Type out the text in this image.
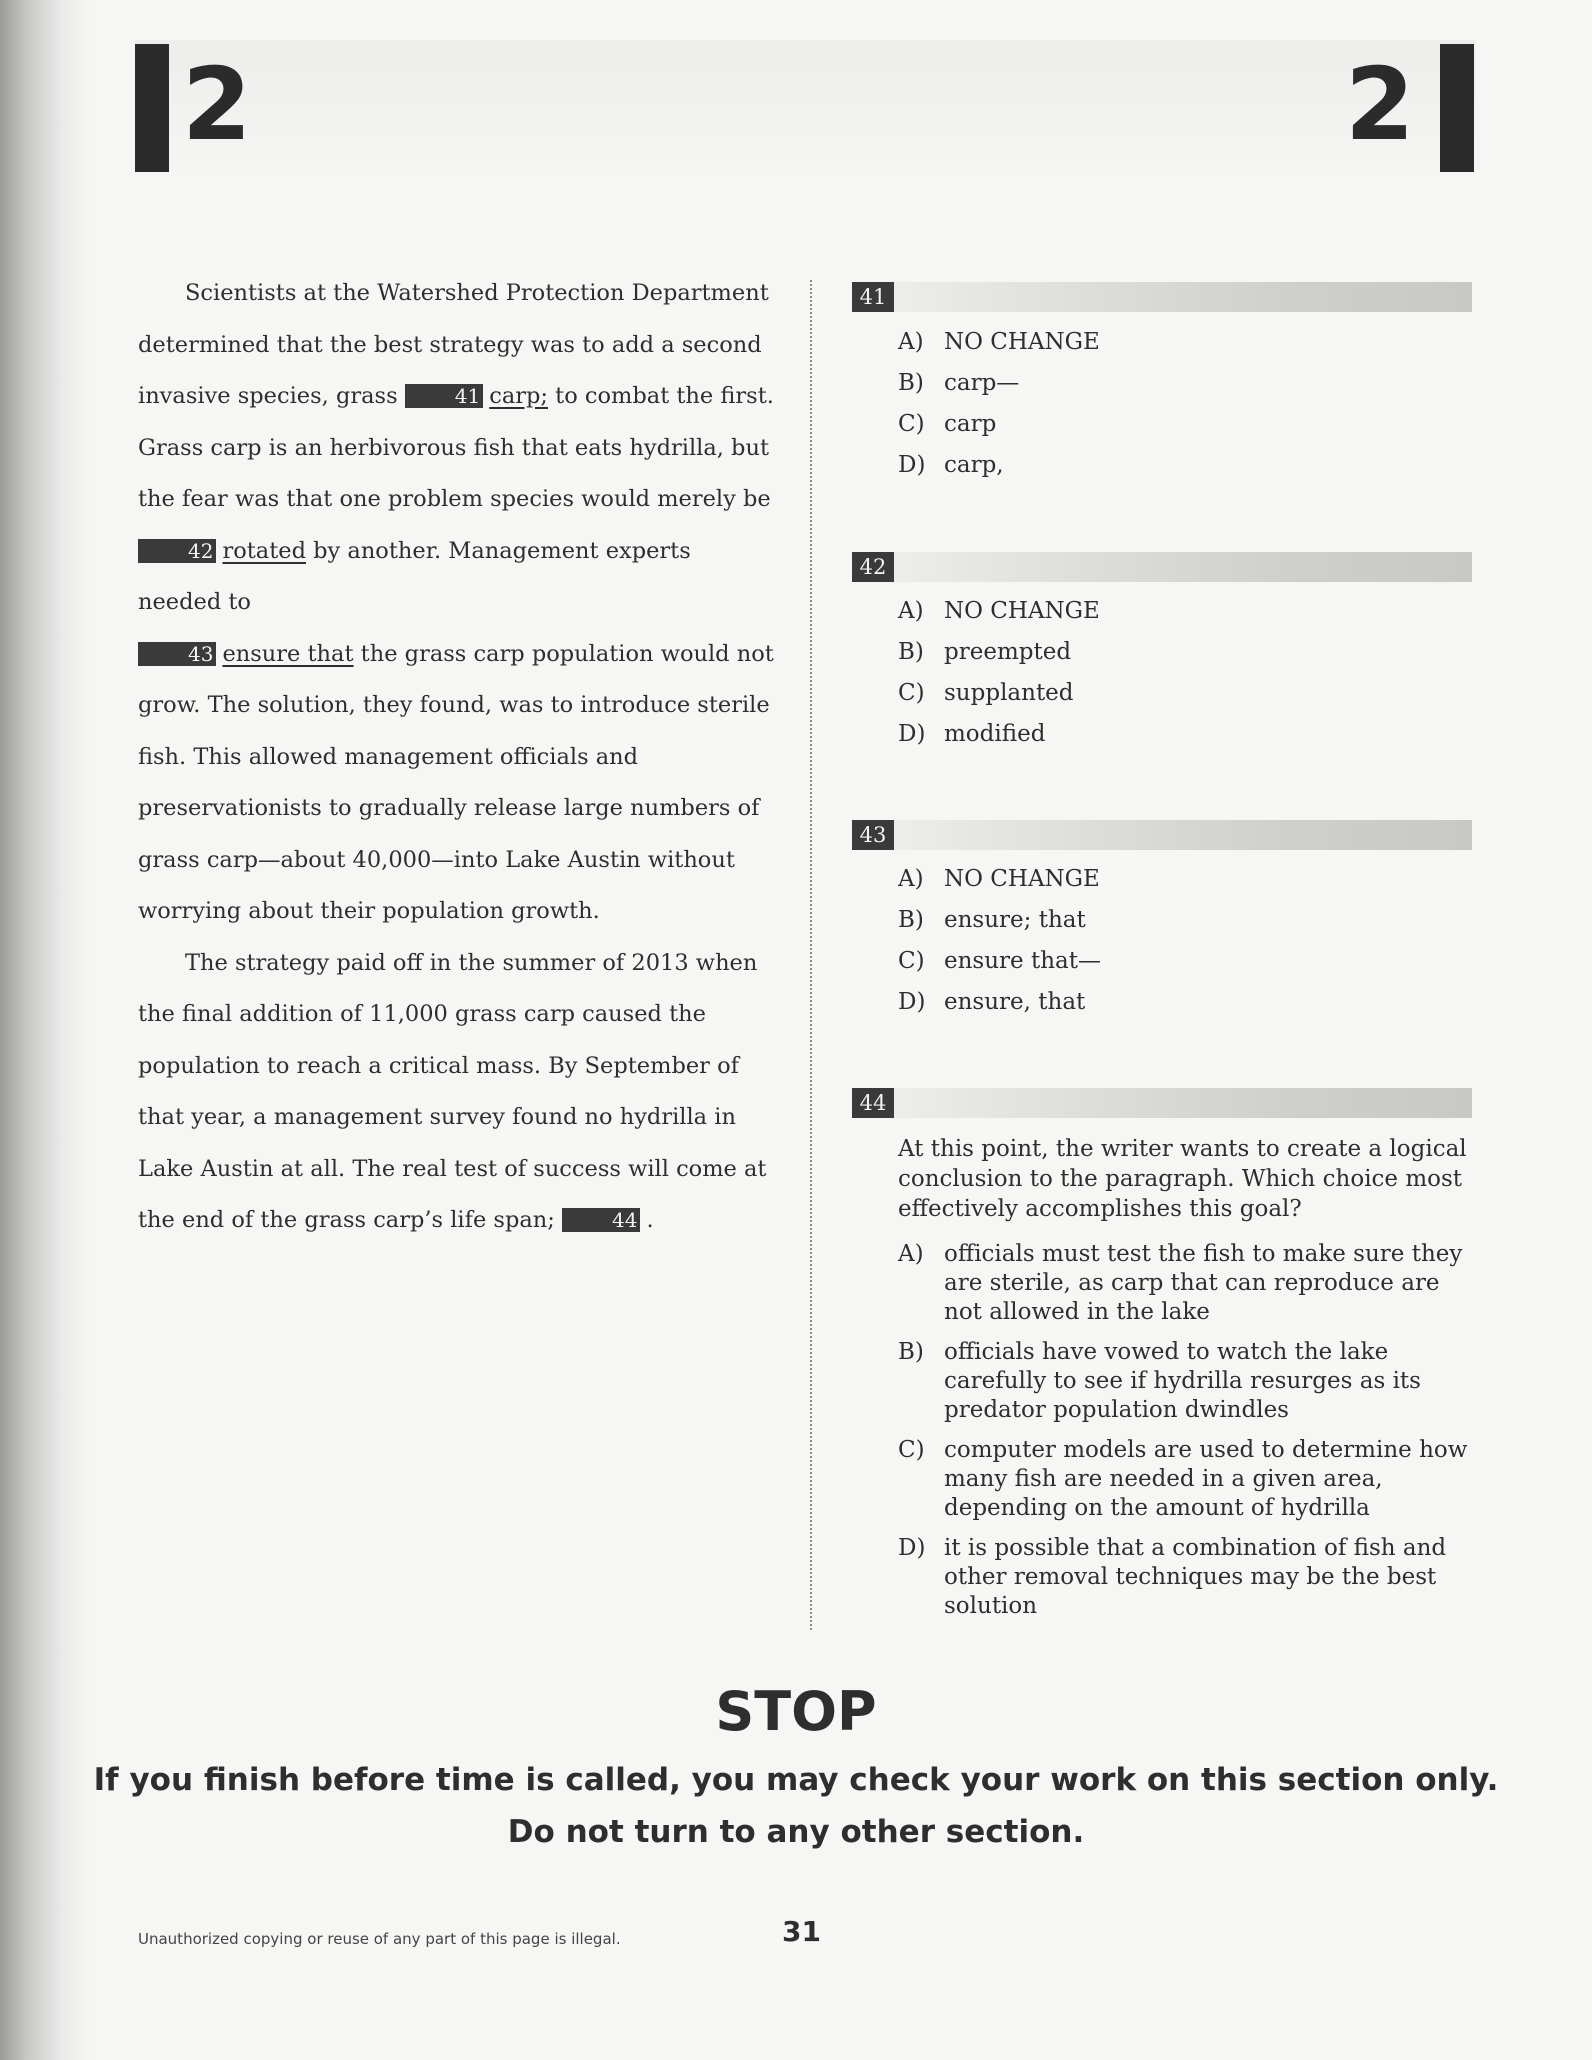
2	2

Scientists at the Watershed Protection Department determined that the best strategy was to add a second invasive species, grass	41 carp; to combat the first. Grass carp is an herbivorous fish that eats hydrilla, but the fear was that one problem species would merely be
42 rotated by another. Management experts needed to
43 ensure that the grass carp population would not grow. The solution, they found, was to introduce sterile fish. This allowed management officials and preservationists to gradually release large numbers of grass carp—about 40,000—into Lake Austin without worrying about their population growth.

The strategy paid off in the summer of 2013 when the final addition of 11,000 grass carp caused the population to reach a critical mass. By September of that year, a management survey found no hydrilla in Lake Austin at all. The real test of success will come at the end of the grass carp’s life span;	44 .

41
A) NO CHANGE
B) carp—
C) carp
D) carp,
42
A) NO CHANGE
B) preempted
C) supplanted
D) modified
43
A) NO CHANGE
B) ensure; that
C) ensure that—
D) ensure, that
44
At this point, the writer wants to create a logical conclusion to the paragraph. Which choice most effectively accomplishes this goal?
A) officials must test the fish to make sure they are sterile, as carp that can reproduce are not allowed in the lake
B) officials have vowed to watch the lake carefully to see if hydrilla resurges as its predator population dwindles
C) computer models are used to determine how many fish are needed in a given area, depending on the amount of hydrilla
D) it is possible that a combination of fish and other removal techniques may be the best solution
STOP
If you finish before time is called, you may check your work on this section only.
Do not turn to any other section.
Unauthorized copying or reuse of any part of this page is illegal.	31
